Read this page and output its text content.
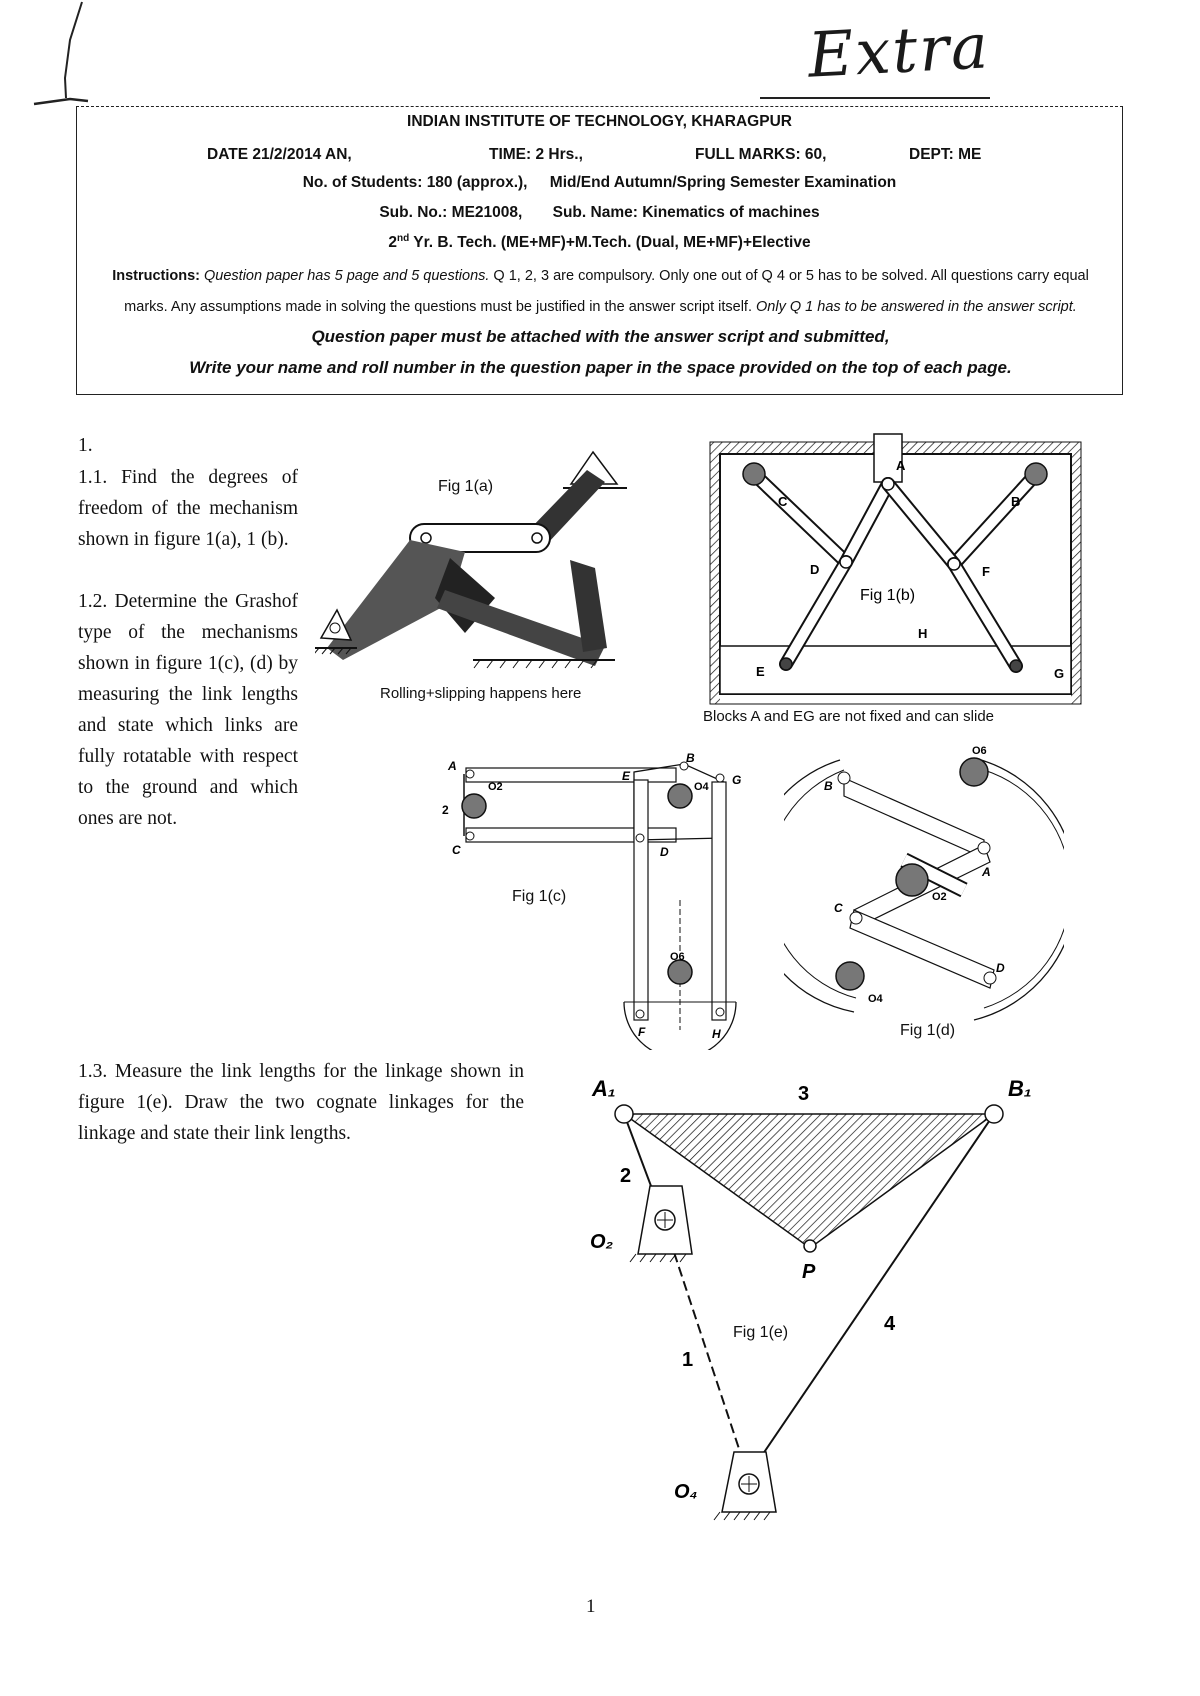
Extra
INDIAN INSTITUTE OF TECHNOLOGY, KHARAGPUR
DATE 21/2/2014 AN,	TIME: 2 Hrs.,	FULL MARKS: 60,	DEPT: ME
No. of Students: 180 (approx.), Mid/End Autumn/Spring Semester Examination
Sub. No.: ME21008, Sub. Name: Kinematics of machines
2nd Yr. B. Tech. (ME+MF)+M.Tech. (Dual, ME+MF)+Elective
Instructions: Question paper has 5 page and 5 questions. Q 1, 2, 3 are compulsory. Only one out of Q 4 or 5 has to be solved. All questions carry equal marks. Any assumptions made in solving the questions must be justified in the answer script itself. Only Q 1 has to be answered in the answer script. Question paper must be attached with the answer script and submitted,
Write your name and roll number in the question paper in the space provided on the top of each page.
1.
1.1. Find the degrees of freedom of the mechanism shown in figure 1(a), 1 (b).
1.2. Determine the Grashof type of the mechanisms shown in figure 1(c), (d) by measuring the link lengths and state which links are fully rotatable with respect to the ground and which ones are not.
1.3. Measure the link lengths for the linkage shown in figure 1(e). Draw the two cognate linkages for the linkage and state their link lengths.
Fig 1(a)
Rolling+slipping happens here
A
B
C
D	F
E	G
H
Fig 1(b)
Blocks A and EG are not fixed and can slide
A
B
C	D
E
F
G
H
O2	O4
O6
2
Fig 1(c)
B
A
C
D
O2
O6
O4
Fig 1(d)
A₁	B₁
3
2
O₂
P
4
1
O₄
Fig 1(e)
1
